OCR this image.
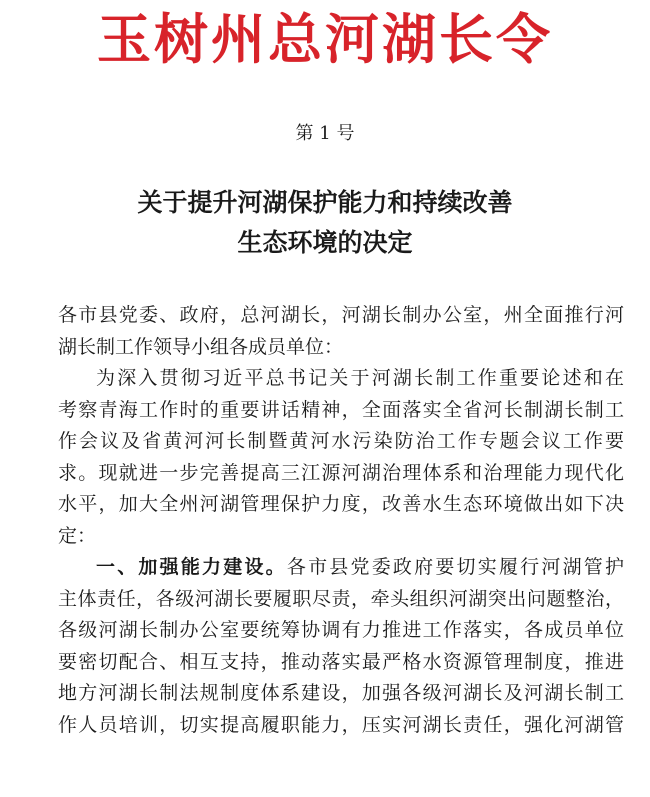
玉树州总河湖长令
第 1 号
关于提升河湖保护能力和持续改善
生态环境的决定
各市县党委、政府，总河湖长，河湖长制办公室，州全面推行河
湖长制工作领导小组各成员单位：
为深入贯彻习近平总书记关于河湖长制工作重要论述和在
考察青海工作时的重要讲话精神，全面落实全省河长制湖长制工
作会议及省黄河河长制暨黄河水污染防治工作专题会议工作要
求。现就进一步完善提高三江源河湖治理体系和治理能力现代化
水平，加大全州河湖管理保护力度，改善水生态环境做出如下决
定：
一、加强能力建设。各市县党委政府要切实履行河湖管护
主体责任，各级河湖长要履职尽责，牵头组织河湖突出问题整治，
各级河湖长制办公室要统筹协调有力推进工作落实，各成员单位
要密切配合、相互支持，推动落实最严格水资源管理制度，推进
地方河湖长制法规制度体系建设，加强各级河湖长及河湖长制工
作人员培训，切实提高履职能力，压实河湖长责任，强化河湖管
